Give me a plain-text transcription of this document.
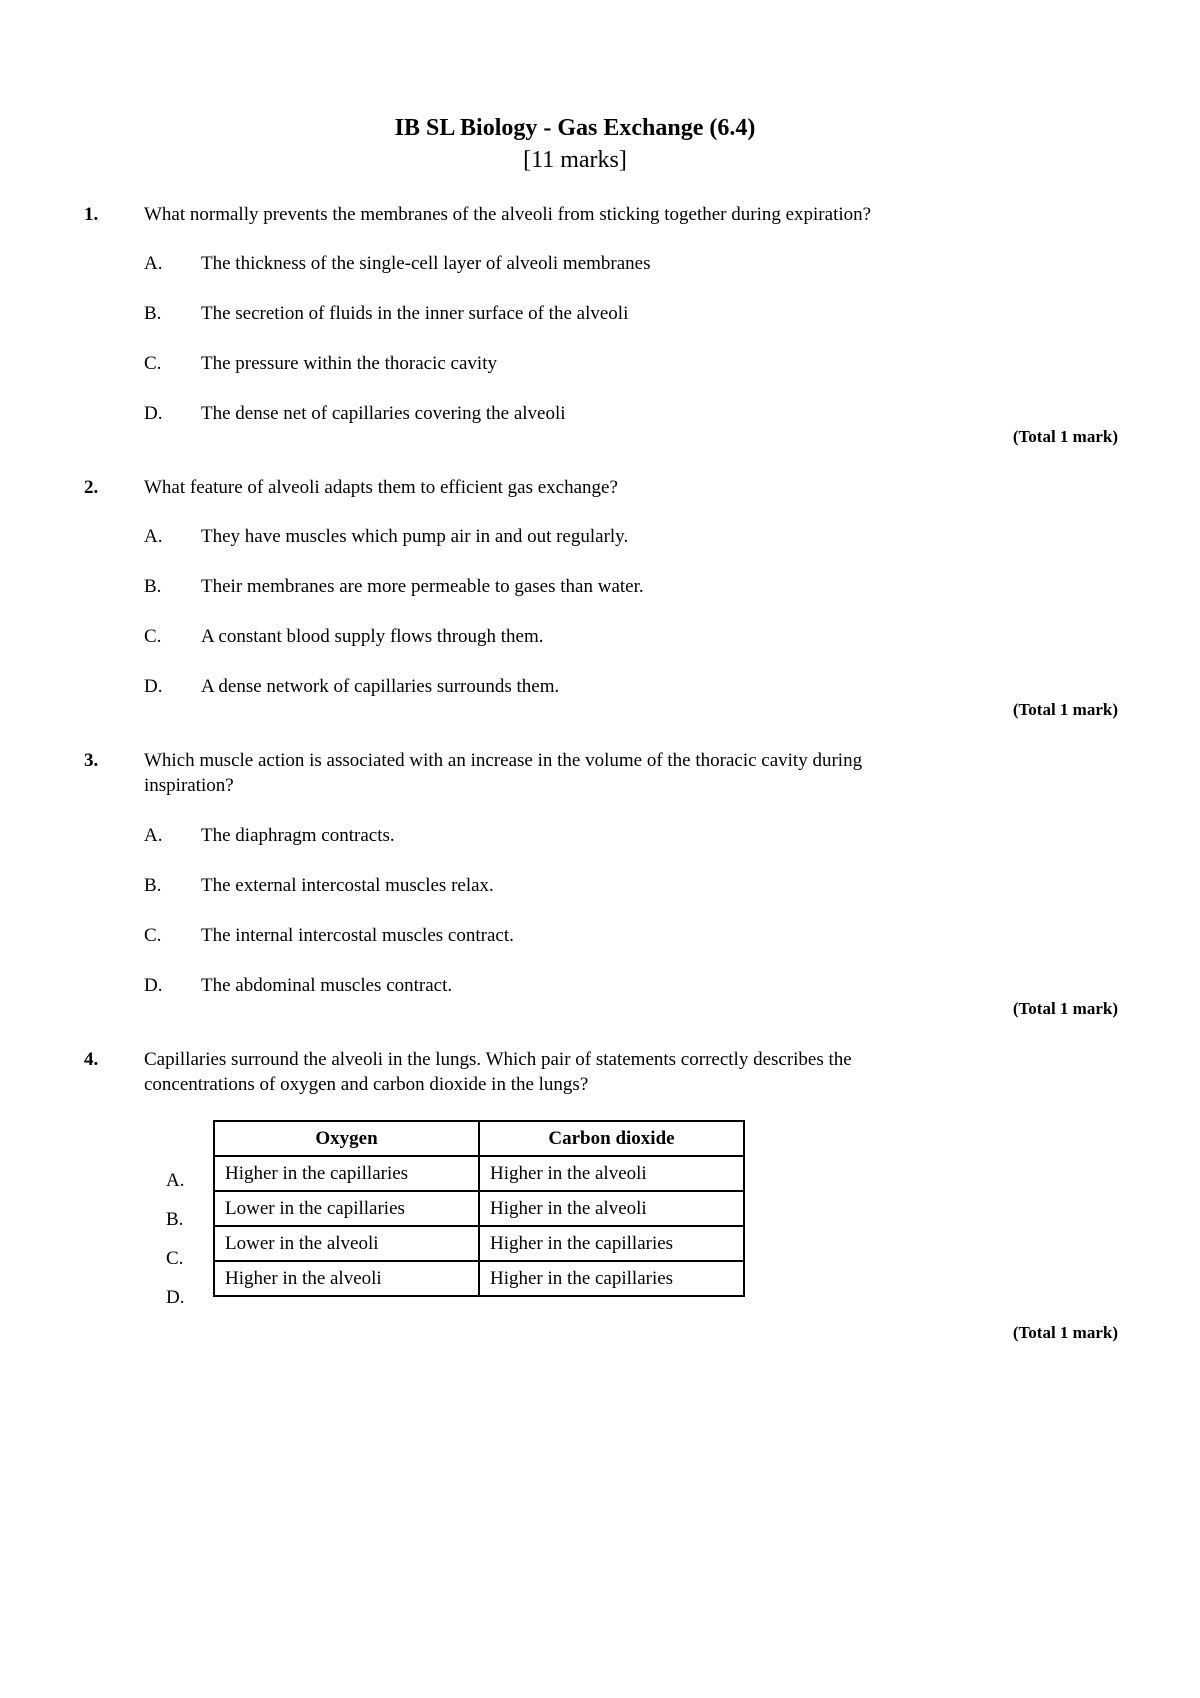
IB SL Biology - Gas Exchange (6.4)
[11 marks]
1. What normally prevents the membranes of the alveoli from sticking together during expiration?
A. The thickness of the single-cell layer of alveoli membranes
B. The secretion of fluids in the inner surface of the alveoli
C. The pressure within the thoracic cavity
D. The dense net of capillaries covering the alveoli
(Total 1 mark)
2. What feature of alveoli adapts them to efficient gas exchange?
A. They have muscles which pump air in and out regularly.
B. Their membranes are more permeable to gases than water.
C. A constant blood supply flows through them.
D. A dense network of capillaries surrounds them.
(Total 1 mark)
3. Which muscle action is associated with an increase in the volume of the thoracic cavity during
inspiration?
A. The diaphragm contracts.
B. The external intercostal muscles relax.
C. The internal intercostal muscles contract.
D. The abdominal muscles contract.
(Total 1 mark)
4. Capillaries surround the alveoli in the lungs. Which pair of statements correctly describes the
concentrations of oxygen and carbon dioxide in the lungs?
A.
B.
C.
D.
Oxygen	Carbon dioxide
Higher in the capillaries	Higher in the alveoli
Lower in the capillaries	Higher in the alveoli
Lower in the alveoli	Higher in the capillaries
Higher in the alveoli	Higher in the capillaries
(Total 1 mark)
